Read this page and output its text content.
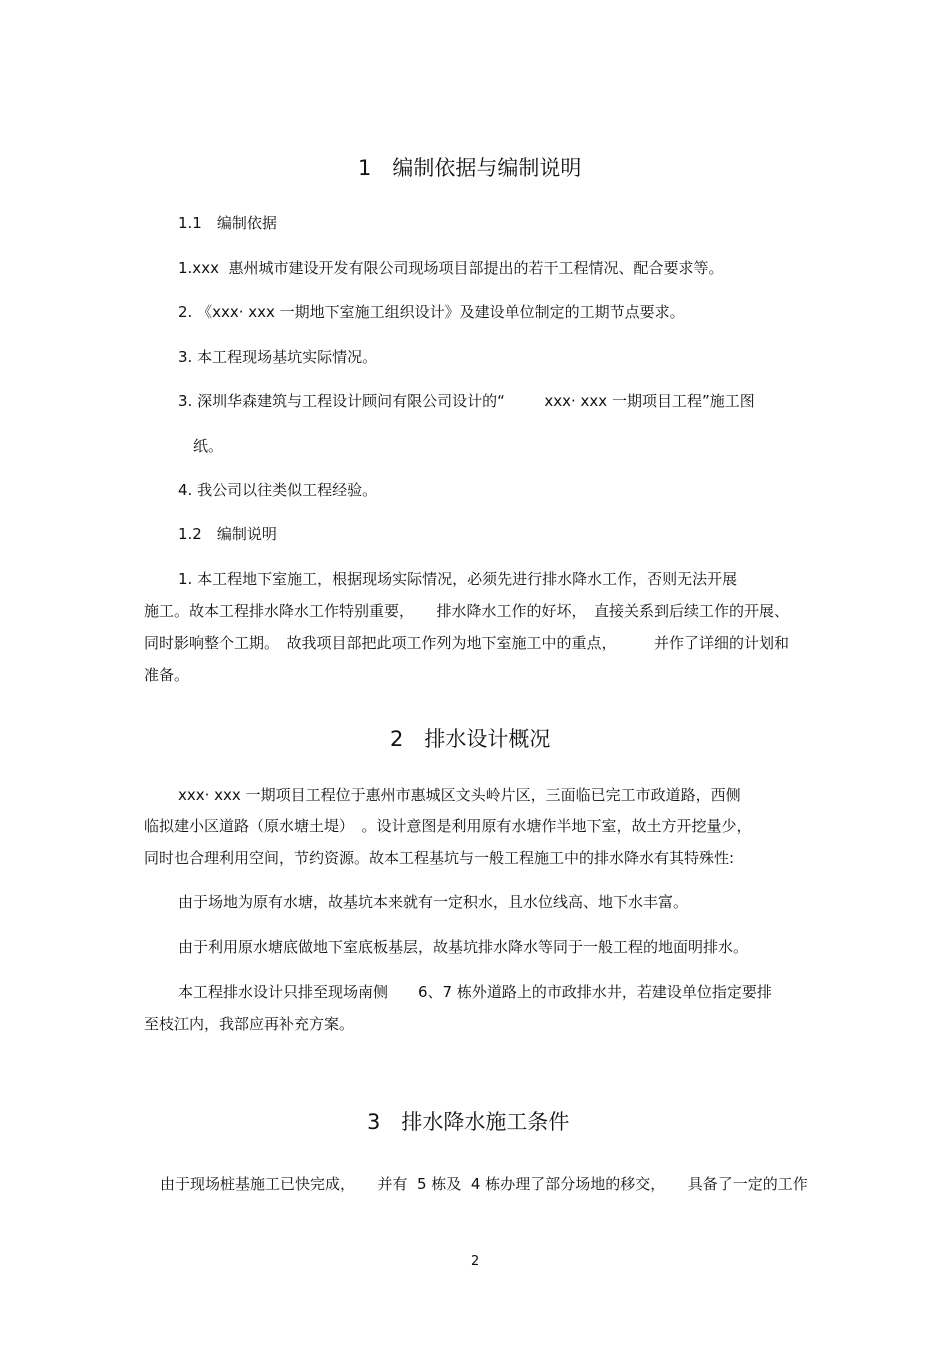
1　编制依据与编制说明
1.1　编制依据
1.xxx  惠州城市建设开发有限公司现场项目部提出的若干工程情况、配合要求等。
2. 《xxx· xxx 一期地下室施工组织设计》及建设单位制定的工期节点要求。
3. 本工程现场基坑实际情况。
3. 深圳华森建筑与工程设计顾问有限公司设计的“　　  xxx· xxx 一期项目工程”施工图
纸。
4. 我公司以往类似工程经验。
1.2　编制说明
1. 本工程地下室施工，根据现场实际情况，必须先进行排水降水工作，否则无法开展
施工。故本工程排水降水工作特别重要，　　排水降水工作的好坏，　直接关系到后续工作的开展、
同时影响整个工期。　故我项目部把此项工作列为地下室施工中的重点，　　　并作了详细的计划和
准备。
2　排水设计概况
xxx· xxx 一期项目工程位于惠州市惠城区文头岭片区，三面临已完工市政道路，西侧
临拟建小区道路（原水塘土堤）　。设计意图是利用原有水塘作半地下室，故土方开挖量少，
同时也合理利用空间，节约资源。故本工程基坑与一般工程施工中的排水降水有其特殊性:
由于场地为原有水塘，故基坑本来就有一定积水，且水位线高、地下水丰富。
由于利用原水塘底做地下室底板基层，故基坑排水降水等同于一般工程的地面明排水。
本工程排水设计只排至现场南侧　　6、7 栋外道路上的市政排水井，若建设单位指定要排
至枝江内，我部应再补充方案。
3　排水降水施工条件
由于现场桩基施工已快完成，　　并有  5 栋及  4 栋办理了部分场地的移交，　　具备了一定的工作
2
